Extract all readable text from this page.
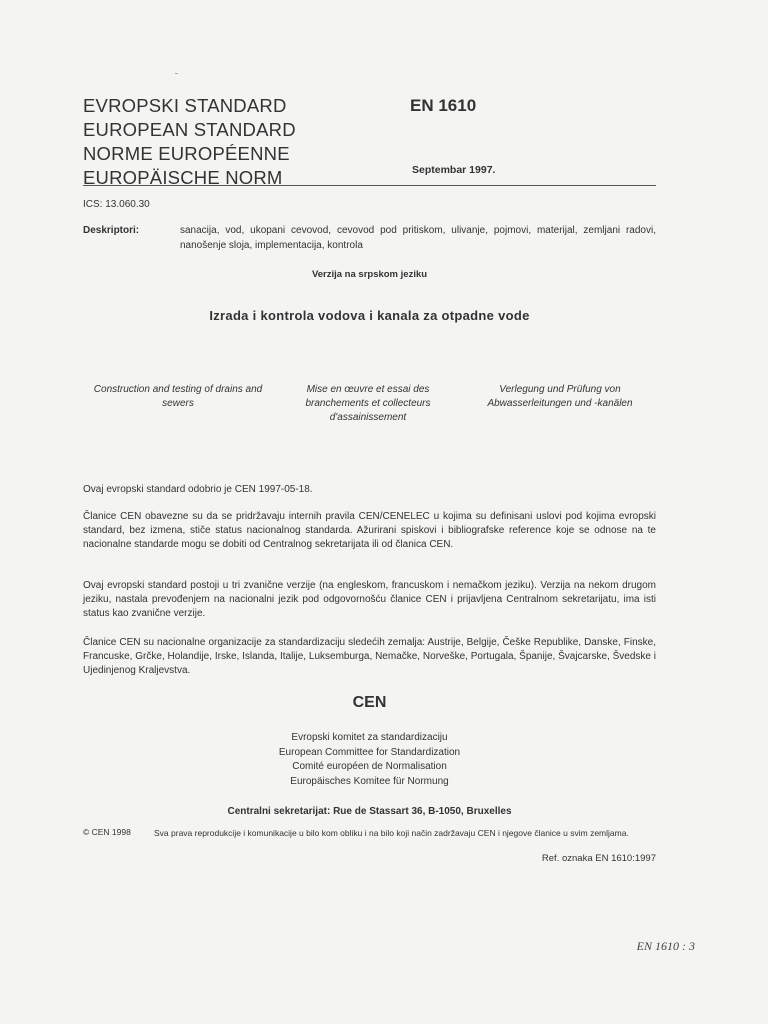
EVROPSKI STANDARD
EUROPEAN STANDARD
NORME EUROPÉENNE
EUROPÄISCHE NORM
EN 1610
Septembar 1997.
ICS: 13.060.30
Deskriptori:	sanacija, vod, ukopani cevovod, cevovod pod pritiskom, ulivanje, pojmovi, materijal, zemljani radovi, nanošenje sloja, implementacija, kontrola
Verzija na srpskom jeziku
Izrada i kontrola vodova i kanala za otpadne vode
Construction and testing of drains and sewers
Mise en œuvre et essai des branchements et collecteurs d'assainissement
Verlegung und Prüfung von Abwasserleitungen und -kanälen
Ovaj evropski standard odobrio je CEN 1997-05-18.
Članice CEN obavezne su da se pridržavaju internih pravila CEN/CENELEC u kojima su definisani uslovi pod kojima evropski standard, bez izmena, stiče status nacionalnog standarda. Ažurirani spiskovi i bibliografske reference koje se odnose na te nacionalne standarde mogu se dobiti od Centralnog sekretarijata ili od članica CEN.
Ovaj evropski standard postoji u tri zvanične verzije (na engleskom, francuskom i nemačkom jeziku). Verzija na nekom drugom jeziku, nastala prevođenjem na nacionalni jezik pod odgovornošću članice CEN i prijavljena Centralnom sekretarijatu, ima isti status kao zvanične verzije.
Članice CEN su nacionalne organizacije za standardizaciju sledećih zemalja: Austrije, Belgije, Češke Republike, Danske, Finske, Francuske, Grčke, Holandije, Irske, Islanda, Italije, Luksemburga, Nemačke, Norveške, Portugala, Španije, Švajcarske, Švedske i Ujedinjenog Kraljevstva.
CEN
Evropski komitet za standardizaciju
European Committee for Standardization
Comité européen de Normalisation
Europäisches Komitee für Normung
Centralni sekretarijat: Rue de Stassart 36, B-1050, Bruxelles
© CEN 1998	Sva prava reprodukcije i komunikacije u bilo kom obliku i na bilo koji način zadržavaju CEN i njegove članice u svim zemljama.
Ref. oznaka EN 1610:1997
EN 1610 : 3
